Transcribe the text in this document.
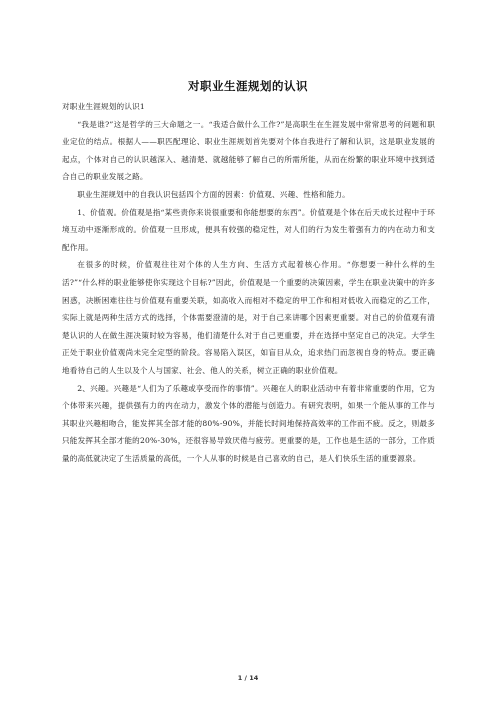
对职业生涯规划的认识

对职业生涯规划的认识1

“我是谁?”这是哲学的三大命题之一。“我适合做什么工作?”是高职生在生涯发展中常常思考的问题和职业定位的结点。根据人——职匹配理论、职业生涯规划首先要对个体自我进行了解和认识，这是职业发展的起点，个体对自己的认识越深入、越清楚、就越能够了解自己的所需所能，从而在纷繁的职业环境中找到适合自己的职业发展之路。

职业生涯规划中的自我认识包括四个方面的因素：价值观、兴趣、性格和能力。

1、价值观。价值观是指“某些责你来说很重要和你能想要的东西”。价值观是个体在后天成长过程中于环境互动中逐渐形成的。价值观一旦形成，便具有较强的稳定性，对人们的行为发生着强有力的内在动力和支配作用。

在很多的时候，价值观往往对个体的人生方向、生活方式起着核心作用。“你想要一种什么样的生活?”“什么样的职业能够使你实现这个目标?”因此，价值观是一个重要的决策因素，学生在职业决策中的许多困惑，决断困难往往与价值观有重要关联，如高收入而相对不稳定的甲工作和相对低收入而稳定的乙工作，实际上就是两种生活方式的选择，个体需要澄清的是，对于自己来讲哪个因素更重要。对自己的价值观有清楚认识的人在做生涯决策时较为容易，他们清楚什么对于自己更重要，并在选择中坚定自己的决定。大学生正处于职业价值观尚未完全定型的阶段。容易陷入误区，如盲目从众，追求热门而忽视自身的特点。要正确地看待自己的人生以及个人与国家、社会、他人的关系，树立正确的职业价值观。

2、兴趣。兴趣是“人们为了乐趣或享受而作的事情”。兴趣在人的职业活动中有着非常重要的作用，它为个体带来兴趣，提供强有力的内在动力，激发个体的潜能与创造力。有研究表明，如果一个能从事的工作与其职业兴趣相吻合，能发挥其全部才能的80%-90%，并能长时间地保持高效率的工作而不疲。反之，则最多只能发挥其全部才能的20%-30%，还很容易导致厌倦与疲劳。更重要的是，工作也是生活的一部分，工作质量的高低就决定了生活质量的高低，一个人从事的时候是自己喜欢的自己，是人们快乐生活的重要源泉。

1 / 14
